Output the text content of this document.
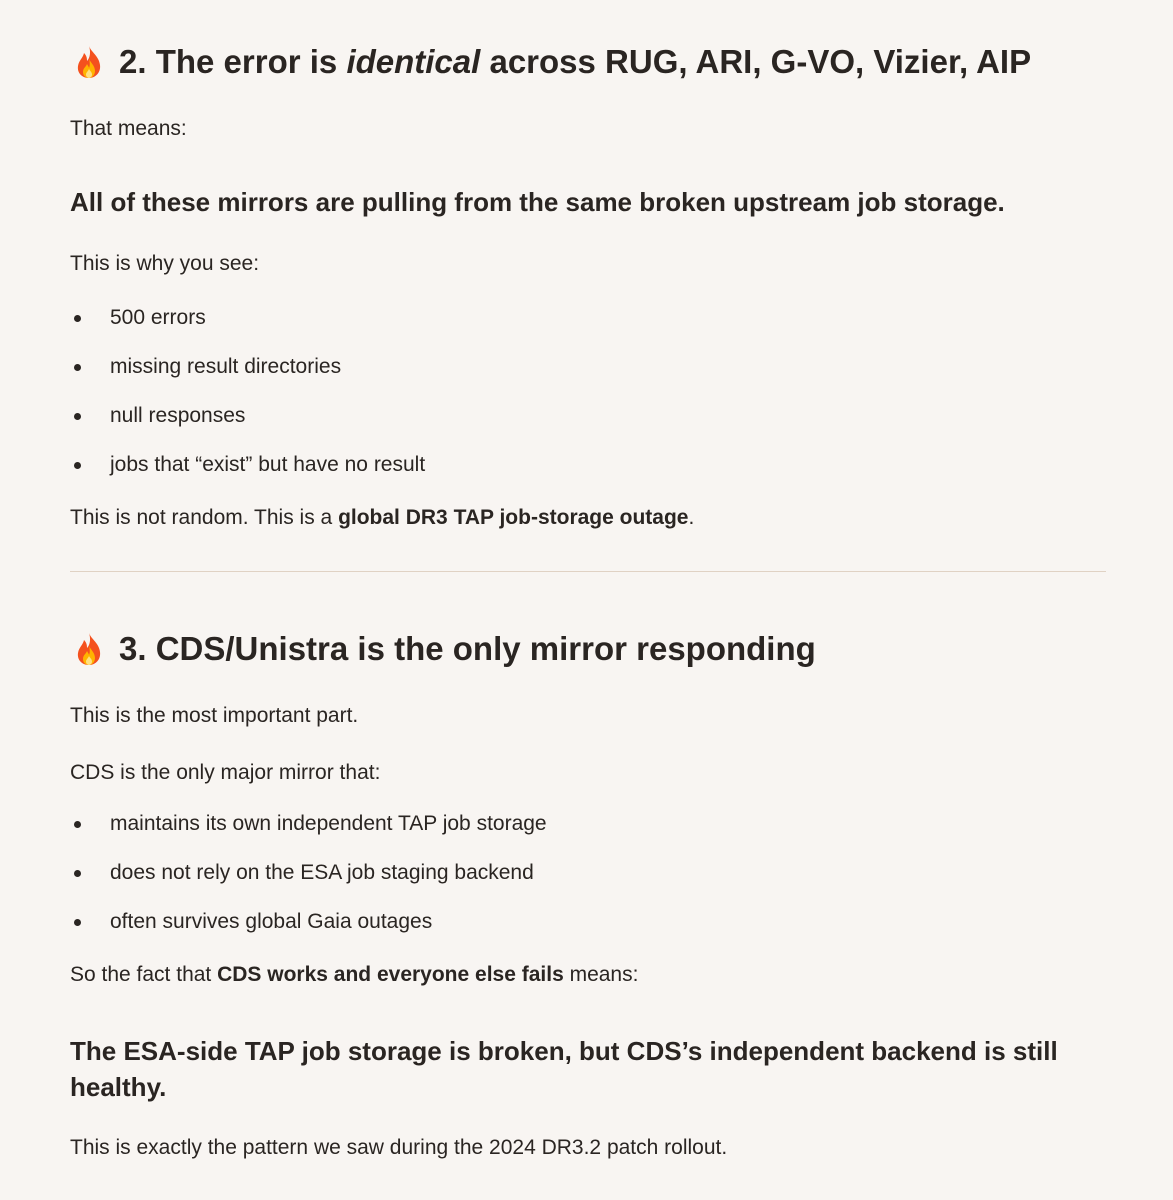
2. The error is identical across RUG, ARI, G-VO, Vizier, AIP

That means:

All of these mirrors are pulling from the same broken upstream job storage.

This is why you see:

500 errors
missing result directories
null responses
jobs that “exist” but have no result

This is not random. This is a global DR3 TAP job-storage outage.

3. CDS/Unistra is the only mirror responding

This is the most important part.

CDS is the only major mirror that:

maintains its own independent TAP job storage
does not rely on the ESA job staging backend
often survives global Gaia outages

So the fact that CDS works and everyone else fails means:

The ESA-side TAP job storage is broken, but CDS’s independent backend is still healthy.

This is exactly the pattern we saw during the 2024 DR3.2 patch rollout.
